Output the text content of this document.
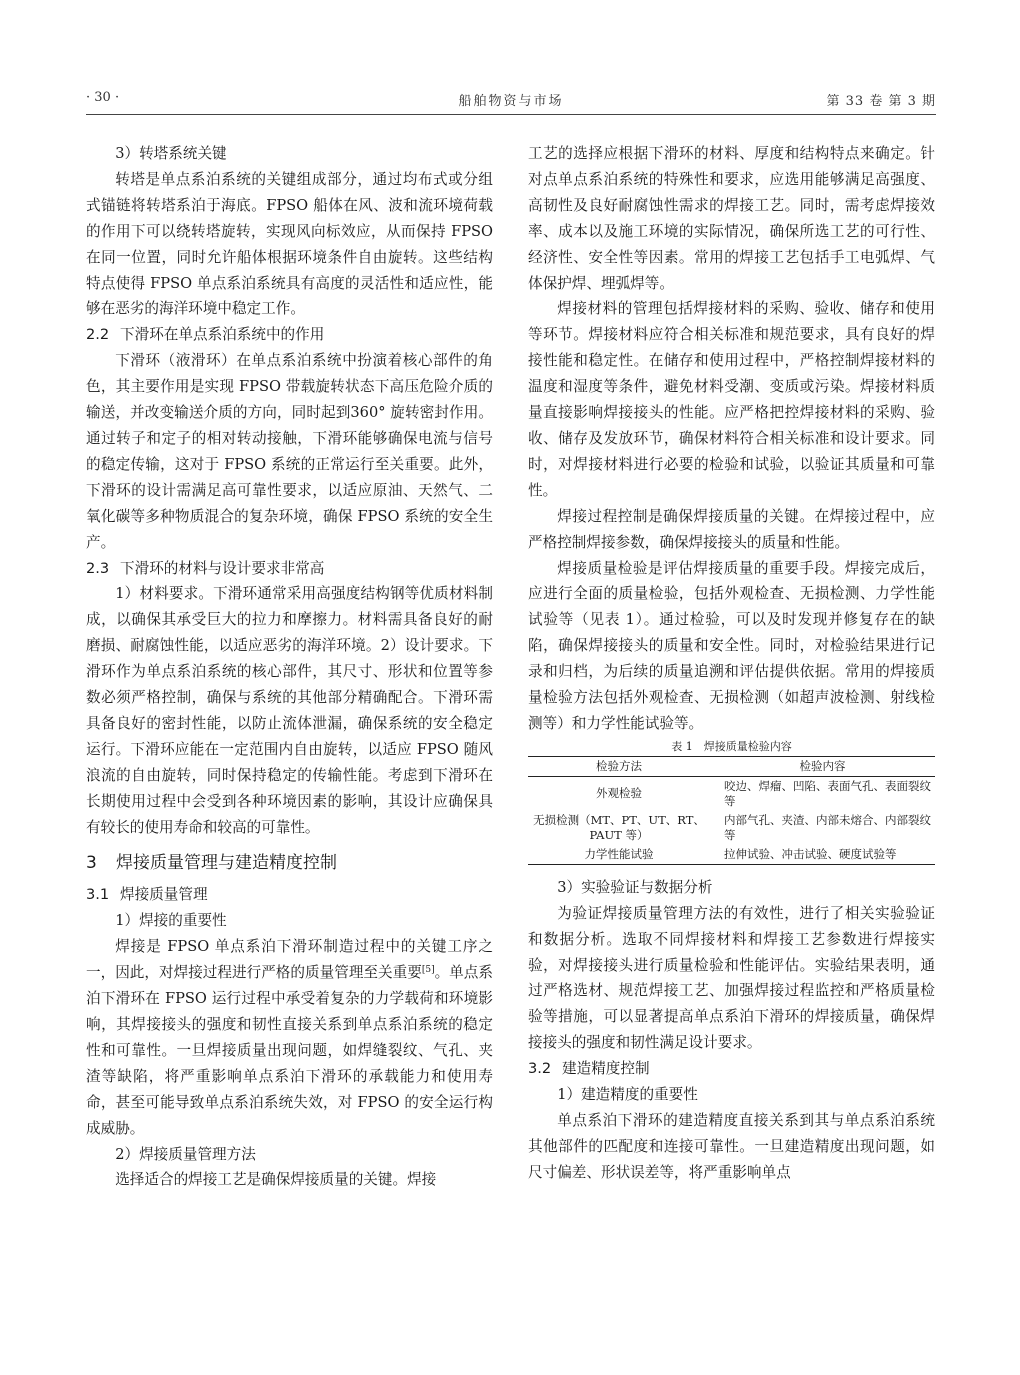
· 30 ·	船舶物资与市场	第 33 卷 第 3 期

3）转塔系统关键

转塔是单点系泊系统的关键组成部分，通过均布式或分组式锚链将转塔系泊于海底。FPSO 船体在风、波和流环境荷载的作用下可以绕转塔旋转，实现风向标效应，从而保持 FPSO 在同一位置，同时允许船体根据环境条件自由旋转。这些结构特点使得 FPSO 单点系泊系统具有高度的灵活性和适应性，能够在恶劣的海洋环境中稳定工作。

2.2 下滑环在单点系泊系统中的作用

下滑环（液滑环）在单点系泊系统中扮演着核心部件的角色，其主要作用是实现 FPSO 带载旋转状态下高压危险介质的输送，并改变输送介质的方向，同时起到360° 旋转密封作用。通过转子和定子的相对转动接触，下滑环能够确保电流与信号的稳定传输，这对于 FPSO 系统的正常运行至关重要。此外，下滑环的设计需满足高可靠性要求，以适应原油、天然气、二氧化碳等多种物质混合的复杂环境，确保 FPSO 系统的安全生产。

2.3 下滑环的材料与设计要求非常高

1）材料要求。下滑环通常采用高强度结构钢等优质材料制成，以确保其承受巨大的拉力和摩擦力。材料需具备良好的耐磨损、耐腐蚀性能，以适应恶劣的海洋环境。2）设计要求。下滑环作为单点系泊系统的核心部件，其尺寸、形状和位置等参数必须严格控制，确保与系统的其他部分精确配合。下滑环需具备良好的密封性能，以防止流体泄漏，确保系统的安全稳定运行。下滑环应能在一定范围内自由旋转，以适应 FPSO 随风浪流的自由旋转，同时保持稳定的传输性能。考虑到下滑环在长期使用过程中会受到各种环境因素的影响，其设计应确保具有较长的使用寿命和较高的可靠性。

3 焊接质量管理与建造精度控制
3.1 焊接质量管理

1）焊接的重要性

焊接是 FPSO 单点系泊下滑环制造过程中的关键工序之一，因此，对焊接过程进行严格的质量管理至关重要[5]。单点系泊下滑环在 FPSO 运行过程中承受着复杂的力学载荷和环境影响，其焊接接头的强度和韧性直接关系到单点系泊系统的稳定性和可靠性。一旦焊接质量出现问题，如焊缝裂纹、气孔、夹渣等缺陷，将严重影响单点系泊下滑环的承载能力和使用寿命，甚至可能导致单点系泊系统失效，对 FPSO 的安全运行构成威胁。

2）焊接质量管理方法

选择适合的焊接工艺是确保焊接质量的关键。焊接

工艺的选择应根据下滑环的材料、厚度和结构特点来确定。针对点单点系泊系统的特殊性和要求，应选用能够满足高强度、高韧性及良好耐腐蚀性需求的焊接工艺。同时，需考虑焊接效率、成本以及施工环境的实际情况，确保所选工艺的可行性、经济性、安全性等因素。常用的焊接工艺包括手工电弧焊、气体保护焊、埋弧焊等。

焊接材料的管理包括焊接材料的采购、验收、储存和使用等环节。焊接材料应符合相关标准和规范要求，具有良好的焊接性能和稳定性。在储存和使用过程中，严格控制焊接材料的温度和湿度等条件，避免材料受潮、变质或污染。焊接材料质量直接影响焊接接头的性能。应严格把控焊接材料的采购、验收、储存及发放环节，确保材料符合相关标准和设计要求。同时，对焊接材料进行必要的检验和试验，以验证其质量和可靠性。

焊接过程控制是确保焊接质量的关键。在焊接过程中，应严格控制焊接参数，确保焊接接头的质量和性能。

焊接质量检验是评估焊接质量的重要手段。焊接完成后，应进行全面的质量检验，包括外观检查、无损检测、力学性能试验等（见表 1）。通过检验，可以及时发现并修复存在的缺陷，确保焊接接头的质量和安全性。同时，对检验结果进行记录和归档，为后续的质量追溯和评估提供依据。常用的焊接质量检验方法包括外观检查、无损检测（如超声波检测、射线检测等）和力学性能试验等。

表 1　焊接质量检验内容
检验方法	检验内容
外观检验	咬边、焊瘤、凹陷、表面气孔、表面裂纹等
无损检测（MT、PT、UT、RT、PAUT 等）	内部气孔、夹渣、内部未熔合、内部裂纹等
力学性能试验	拉伸试验、冲击试验、硬度试验等

3）实验验证与数据分析

为验证焊接质量管理方法的有效性，进行了相关实验验证和数据分析。选取不同焊接材料和焊接工艺参数进行焊接实验，对焊接接头进行质量检验和性能评估。实验结果表明，通过严格选材、规范焊接工艺、加强焊接过程监控和严格质量检验等措施，可以显著提高单点系泊下滑环的焊接质量，确保焊接接头的强度和韧性满足设计要求。

3.2 建造精度控制

1）建造精度的重要性

单点系泊下滑环的建造精度直接关系到其与单点系泊系统其他部件的匹配度和连接可靠性。一旦建造精度出现问题，如尺寸偏差、形状误差等，将严重影响单点
